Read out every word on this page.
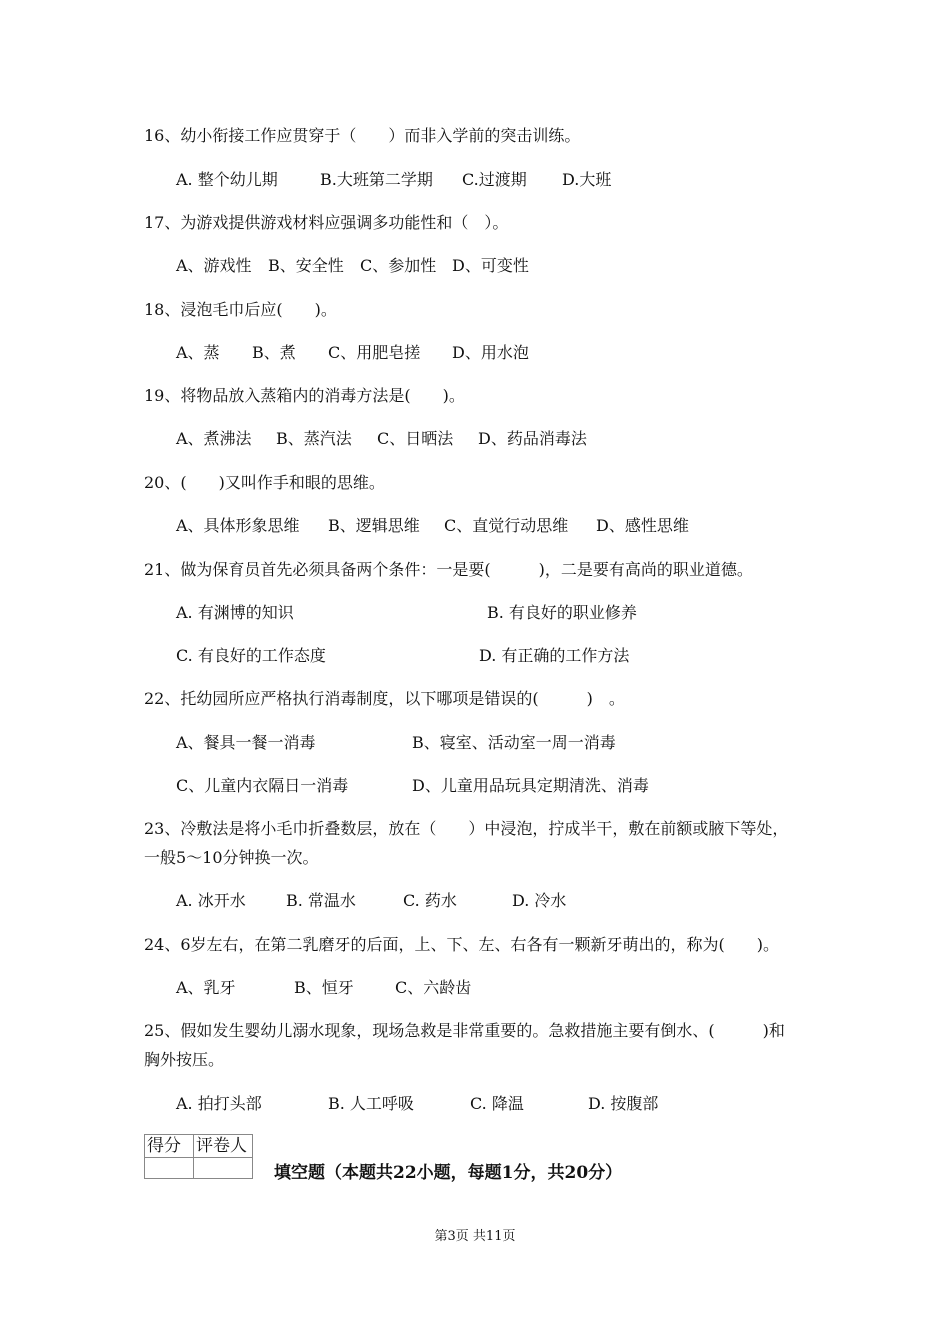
16、幼小衔接工作应贯穿于（　　）而非入学前的突击训练。
A. 整个幼儿期	B.大班第二学期 C.过渡期 D.大班
17、为游戏提供游戏材料应强调多功能性和（　）。
A、游戏性 B、安全性 C、参加性 D、可变性
18、浸泡毛巾后应(　　)。
A、蒸 B、煮 C、用肥皂搓 D、用水泡
19、将物品放入蒸箱内的消毒方法是(　　)。
A、煮沸法 B、蒸汽法 C、日晒法 D、药品消毒法
20、(　　)又叫作手和眼的思维。
A、具体形象思维 B、逻辑思维 C、直觉行动思维 D、感性思维
21、做为保育员首先必须具备两个条件：一是要(　　　)，二是要有高尚的职业道德。
A. 有渊博的知识	B. 有良好的职业修养
C. 有良好的工作态度	D. 有正确的工作方法
22、托幼园所应严格执行消毒制度，以下哪项是错误的(　　　)　。
A、餐具一餐一消毒	B、寝室、活动室一周一消毒
C、儿童内衣隔日一消毒	D、儿童用品玩具定期清洗、消毒
23、冷敷法是将小毛巾折叠数层，放在（　　）中浸泡，拧成半干，敷在前额或腋下等处，
一般5～10分钟换一次。
A. 冰开水	B. 常温水	C. 药水	D. 冷水
24、6岁左右，在第二乳磨牙的后面，上、下、左、右各有一颗新牙萌出的，称为(　　)。
A、乳牙	B、恒牙	C、六龄齿
25、假如发生婴幼儿溺水现象，现场急救是非常重要的。急救措施主要有倒水、(　　　)和
胸外按压。
A. 拍打头部	B. 人工呼吸	C. 降温	D. 按腹部
得分	评卷人

填空题（本题共22小题，每题1分，共20分）
第3页 共11页
